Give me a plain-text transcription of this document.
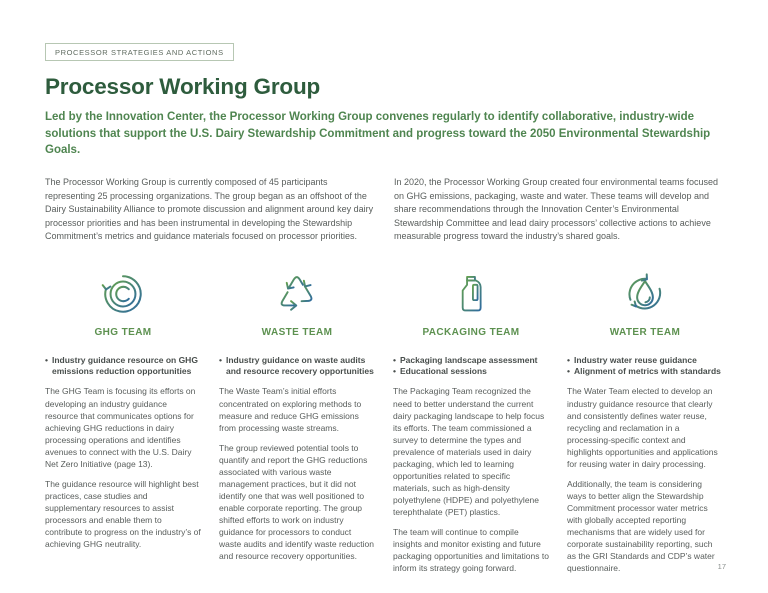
PROCESSOR STRATEGIES AND ACTIONS
Processor Working Group

Led by the Innovation Center, the Processor Working Group convenes regularly to identify collaborative, industry-wide solutions that support the U.S. Dairy Stewardship Commitment and progress toward the 2050 Environmental Stewardship Goals.

The Processor Working Group is currently composed of 45 participants representing 25 processing organizations. The group began as an offshoot of the Dairy Sustainability Alliance to promote discussion and alignment around key dairy processor priorities and has been instrumental in developing the Stewardship Commitment’s metrics and guidance materials focused on processor priorities.

In 2020, the Processor Working Group created four environmental teams focused on GHG emissions, packaging, waste and water. These teams will develop and share recommendations through the Innovation Center’s Environmental Stewardship Committee and lead dairy processors’ collective actions to achieve measurable progress toward the industry’s shared goals.

GHG TEAM
• Industry guidance resource on GHG emissions reduction opportunities

The GHG Team is focusing its efforts on developing an industry guidance resource that communicates options for achieving GHG reductions in dairy processing operations and identifies avenues to connect with the U.S. Dairy Net Zero Initiative (page 13).

The guidance resource will highlight best practices, case studies and supplementary resources to assist processors and enable them to contribute to progress on the industry’s of achieving GHG neutrality.

WASTE TEAM
• Industry guidance on waste audits and resource recovery opportunities

The Waste Team’s initial efforts concentrated on exploring methods to measure and reduce GHG emissions from processing waste streams.

The group reviewed potential tools to quantify and report the GHG reductions associated with various waste management practices, but it did not identify one that was well positioned to enable corporate reporting. The group shifted efforts to work on industry guidance for processors to conduct waste audits and identify waste reduction and resource recovery opportunities.

PACKAGING TEAM
• Packaging landscape assessment
• Educational sessions

The Packaging Team recognized the need to better understand the current dairy packaging landscape to help focus its efforts. The team commissioned a survey to determine the types and prevalence of materials used in dairy packaging, which led to learning opportunities related to specific materials, such as high-density polyethylene (HDPE) and polyethylene terephthalate (PET) plastics.

The team will continue to compile insights and monitor existing and future packaging opportunities and limitations to inform its strategy going forward.

WATER TEAM
• Industry water reuse guidance
• Alignment of metrics with standards

The Water Team elected to develop an industry guidance resource that clearly and consistently defines water reuse, recycling and reclamation in a processing-specific context and highlights opportunities and applications for reusing water in dairy processing.

Additionally, the team is considering ways to better align the Stewardship Commitment processor water metrics with globally accepted reporting mechanisms that are widely used for corporate sustainability reporting, such as the GRI Standards and CDP’s water questionnaire.	17
